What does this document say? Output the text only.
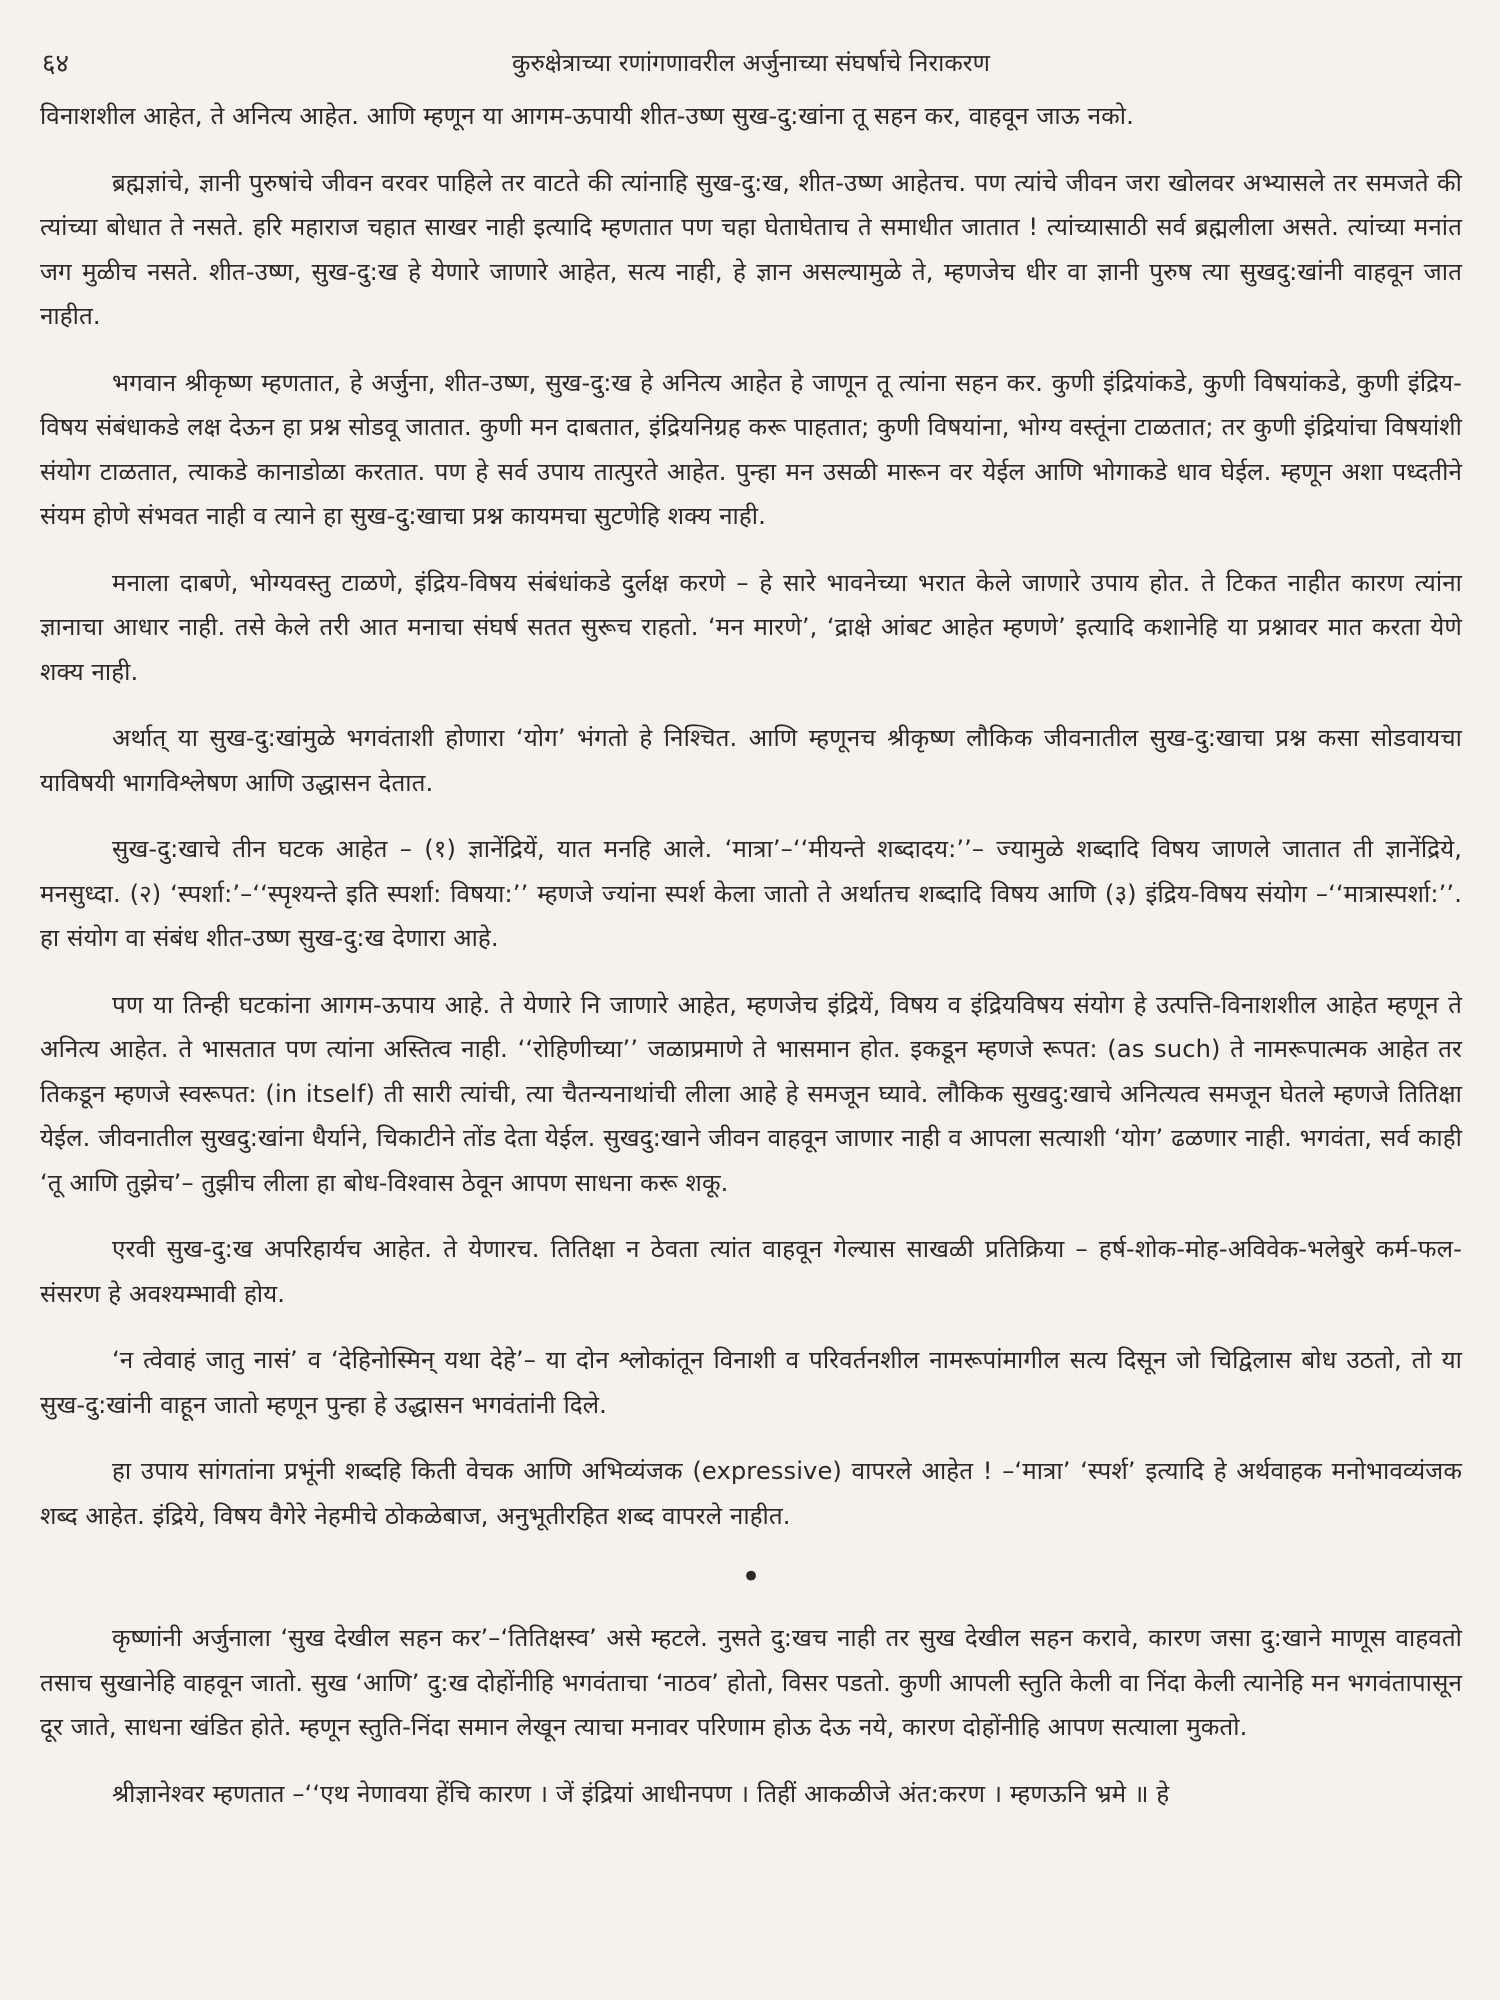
६४	कुरुक्षेत्राच्या रणांगणावरील अर्जुनाच्या संघर्षाचे निराकरण

विनाशशील आहेत, ते अनित्य आहेत. आणि म्हणून या आगम-ऊपायी शीत-उष्ण सुख-दु:खांना तू सहन कर, वाहवून जाऊ नको.

ब्रह्मज्ञांचे, ज्ञानी पुरुषांचे जीवन वरवर पाहिले तर वाटते की त्यांनाहि सुख-दु:ख, शीत-उष्ण आहेतच. पण त्यांचे जीवन जरा खोलवर अभ्यासले तर समजते की त्यांच्या बोधात ते नसते. हरि महाराज चहात साखर नाही इत्यादि म्हणतात पण चहा घेताघेताच ते समाधीत जातात ! त्यांच्यासाठी सर्व ब्रह्मलीला असते. त्यांच्या मनांत जग मुळीच नसते. शीत-उष्ण, सुख-दु:ख हे येणारे जाणारे आहेत, सत्य नाही, हे ज्ञान असल्यामुळे ते, म्हणजेच धीर वा ज्ञानी पुरुष त्या सुखदु:खांनी वाहवून जात नाहीत.

भगवान श्रीकृष्ण म्हणतात, हे अर्जुना, शीत-उष्ण, सुख-दु:ख हे अनित्य आहेत हे जाणून तू त्यांना सहन कर. कुणी इंद्रियांकडे, कुणी विषयांकडे, कुणी इंद्रिय-विषय संबंधाकडे लक्ष देऊन हा प्रश्न सोडवू जातात. कुणी मन दाबतात, इंद्रियनिग्रह करू पाहतात; कुणी विषयांना, भोग्य वस्तूंना टाळतात; तर कुणी इंद्रियांचा विषयांशी संयोग टाळतात, त्याकडे कानाडोळा करतात. पण हे सर्व उपाय तात्पुरते आहेत. पुन्हा मन उसळी मारून वर येईल आणि भोगाकडे धाव घेईल. म्हणून अशा पध्दतीने संयम होणे संभवत नाही व त्याने हा सुख-दु:खाचा प्रश्न कायमचा सुटणेहि शक्य नाही.

मनाला दाबणे, भोग्यवस्तु टाळणे, इंद्रिय-विषय संबंधांकडे दुर्लक्ष करणे – हे सारे भावनेच्या भरात केले जाणारे उपाय होत. ते टिकत नाहीत कारण त्यांना ज्ञानाचा आधार नाही. तसे केले तरी आत मनाचा संघर्ष सतत सुरूच राहतो. ‘मन मारणे’, ‘द्राक्षे आंबट आहेत म्हणणे’ इत्यादि कशानेहि या प्रश्नावर मात करता येणे शक्य नाही.

अर्थात् या सुख-दु:खांमुळे भगवंताशी होणारा ‘योग’ भंगतो हे निश्चित. आणि म्हणूनच श्रीकृष्ण लौकिक जीवनातील सुख-दु:खाचा प्रश्न कसा सोडवायचा याविषयी भागविश्लेषण आणि उद्धासन देतात.

सुख-दु:खाचे तीन घटक आहेत – (१) ज्ञानेंद्रियें, यात मनहि आले. ‘मात्रा’–‘‘मीयन्ते शब्दादय:’’– ज्यामुळे शब्दादि विषय जाणले जातात ती ज्ञानेंद्रिये, मनसुध्दा. (२) ‘स्पर्शा:’–‘‘स्पृश्यन्ते इति स्पर्शा: विषया:’’ म्हणजे ज्यांना स्पर्श केला जातो ते अर्थातच शब्दादि विषय आणि (३) इंद्रिय-विषय संयोग –‘‘मात्रास्पर्शा:’’. हा संयोग वा संबंध शीत-उष्ण सुख-दु:ख देणारा आहे.

पण या तिन्ही घटकांना आगम-ऊपाय आहे. ते येणारे नि जाणारे आहेत, म्हणजेच इंद्रियें, विषय व इंद्रियविषय संयोग हे उत्पत्ति-विनाशशील आहेत म्हणून ते अनित्य आहेत. ते भासतात पण त्यांना अस्तित्व नाही. ‘‘रोहिणीच्या’’ जळाप्रमाणे ते भासमान होत. इकडून म्हणजे रूपत: (as such) ते नामरूपात्मक आहेत तर तिकडून म्हणजे स्वरूपत: (in itself) ती सारी त्यांची, त्या चैतन्यनाथांची लीला आहे हे समजून घ्यावे. लौकिक सुखदु:खाचे अनित्यत्व समजून घेतले म्हणजे तितिक्षा येईल. जीवनातील सुखदु:खांना धैर्याने, चिकाटीने तोंड देता येईल. सुखदु:खाने जीवन वाहवून जाणार नाही व आपला सत्याशी ‘योग’ ढळणार नाही. भगवंता, सर्व काही ‘तू आणि तुझेच’– तुझीच लीला हा बोध-विश्वास ठेवून आपण साधना करू शकू.

एरवी सुख-दु:ख अपरिहार्यच आहेत. ते येणारच. तितिक्षा न ठेवता त्यांत वाहवून गेल्यास साखळी प्रतिक्रिया – हर्ष-शोक-मोह-अविवेक-भलेबुरे कर्म-फल-संसरण हे अवश्यम्भावी होय.

‘न त्वेवाहं जातु नासं’ व ‘देहिनोस्मिन् यथा देहे’– या दोन श्लोकांतून विनाशी व परिवर्तनशील नामरूपांमागील सत्य दिसून जो चिद्विलास बोध उठतो, तो या सुख-दु:खांनी वाहून जातो म्हणून पुन्हा हे उद्धासन भगवंतांनी दिले.

हा उपाय सांगतांना प्रभूंनी शब्दहि किती वेचक आणि अभिव्यंजक (expressive) वापरले आहेत ! –‘मात्रा’ ‘स्पर्श’ इत्यादि हे अर्थवाहक मनोभावव्यंजक शब्द आहेत. इंद्रिये, विषय वैगेरे नेहमीचे ठोकळेबाज, अनुभूतीरहित शब्द वापरले नाहीत.

•

कृष्णांनी अर्जुनाला ‘सुख देखील सहन कर’–‘तितिक्षस्व’ असे म्हटले. नुसते दु:खच नाही तर सुख देखील सहन करावे, कारण जसा दु:खाने माणूस वाहवतो तसाच सुखानेहि वाहवून जातो. सुख ‘आणि’ दु:ख दोहोंनीहि भगवंताचा ‘नाठव’ होतो, विसर पडतो. कुणी आपली स्तुति केली वा निंदा केली त्यानेहि मन भगवंतापासून दूर जाते, साधना खंडित होते. म्हणून स्तुति-निंदा समान लेखून त्याचा मनावर परिणाम होऊ देऊ नये, कारण दोहोंनीहि आपण सत्याला मुकतो.

श्रीज्ञानेश्वर म्हणतात –‘‘एथ नेणावया हेंचि कारण । जें इंद्रियां आधीनपण । तिहीं आकळीजे अंत:करण । म्हणऊनि भ्रमे ॥ हे
